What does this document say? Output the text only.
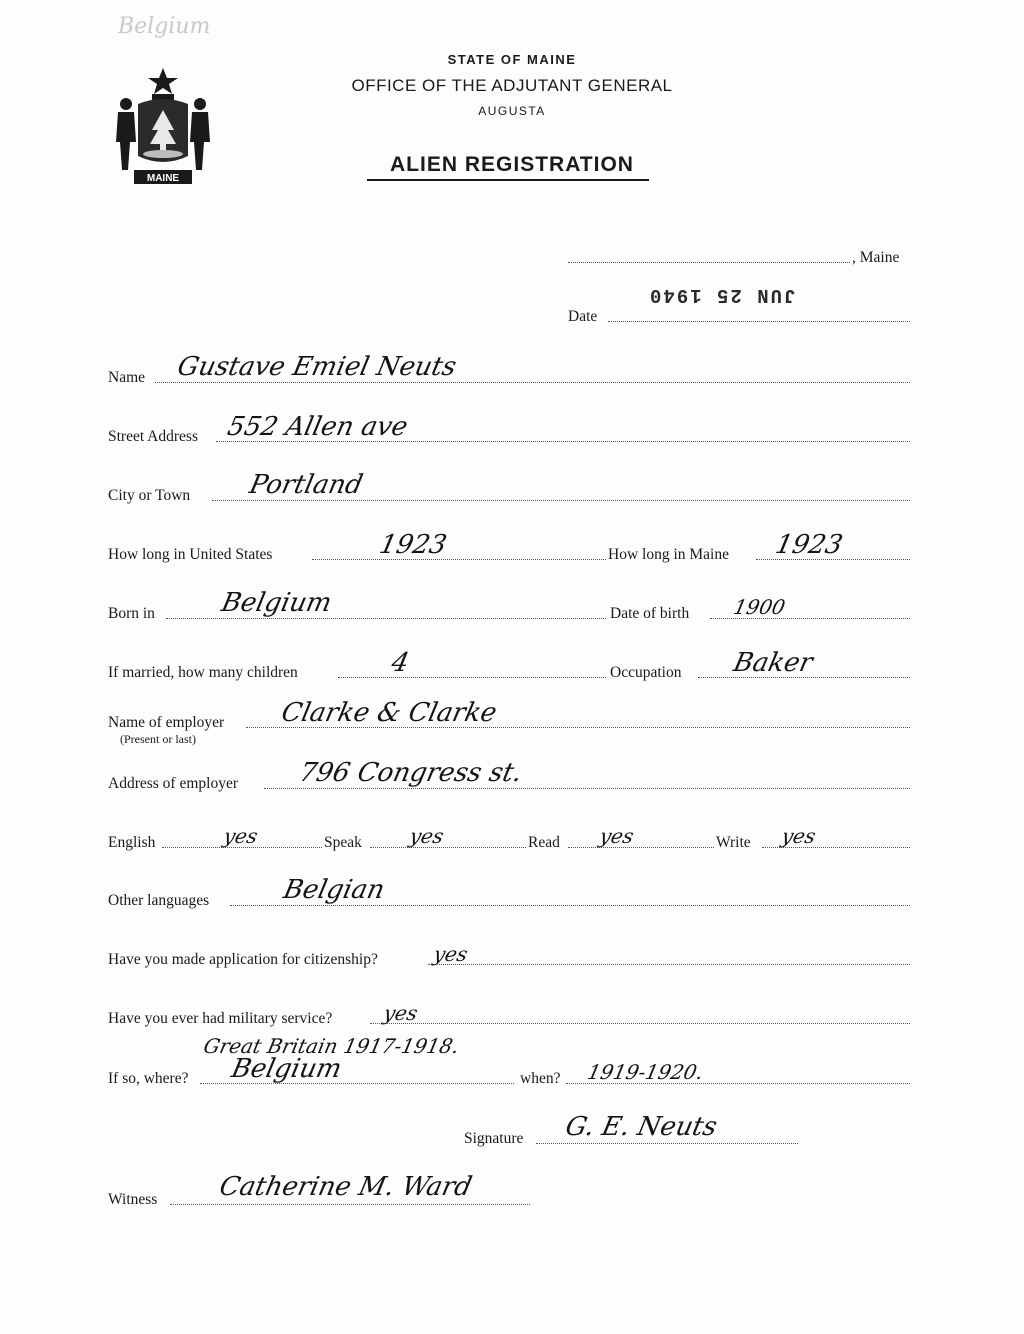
Belgium
MAINE
STATE OF MAINE
OFFICE OF THE ADJUTANT GENERAL
AUGUSTA
ALIEN REGISTRATION
, Maine
JUN 25 1940
Date
Name Gustave Emiel Neuts
Street Address 552 Allen ave
City or Town Portland
How long in United States	1923	How long in Maine 1923
Born in Belgium	Date of birth 1900
If married, how many children	4	Occupation Baker
Name of employer
(Present or last)
Clarke & Clarke
Address of employer 796 Congress st.
English	yes	Speak yes	Read yes	Write yes
Other languages	Belgian
Have you made application for citizenship?	yes
Have you ever had military service? yes
Great Britain 1917-1918.
If so, where? Belgium	when? 1919-1920.
Signature G. E. Neuts
Witness Catherine M. Ward
